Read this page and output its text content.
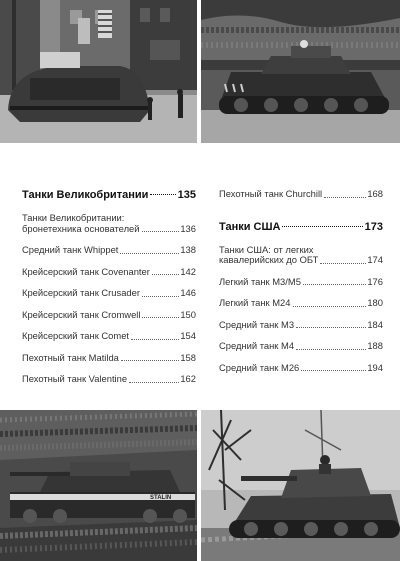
Танки Великобритании	135
Танки Великобритании:
бронетехника основателей	136
Средний танк Whippet	138
Крейсерский танк Covenanter	142
Крейсерский танк Crusader	146
Крейсерский танк Cromwell	150
Крейсерский танк Comet	154
Пехотный танк Matilda	158
Пехотный танк Valentine	162
Пехотный танк Churchill	168
Танки США	173
Танки США: от легких
кавалерийских до ОБТ	174
Легкий танк M3/M5	176
Легкий танк M24	180
Средний танк M3	184
Средний танк M4	188
Средний танк M26	194
STALIN
